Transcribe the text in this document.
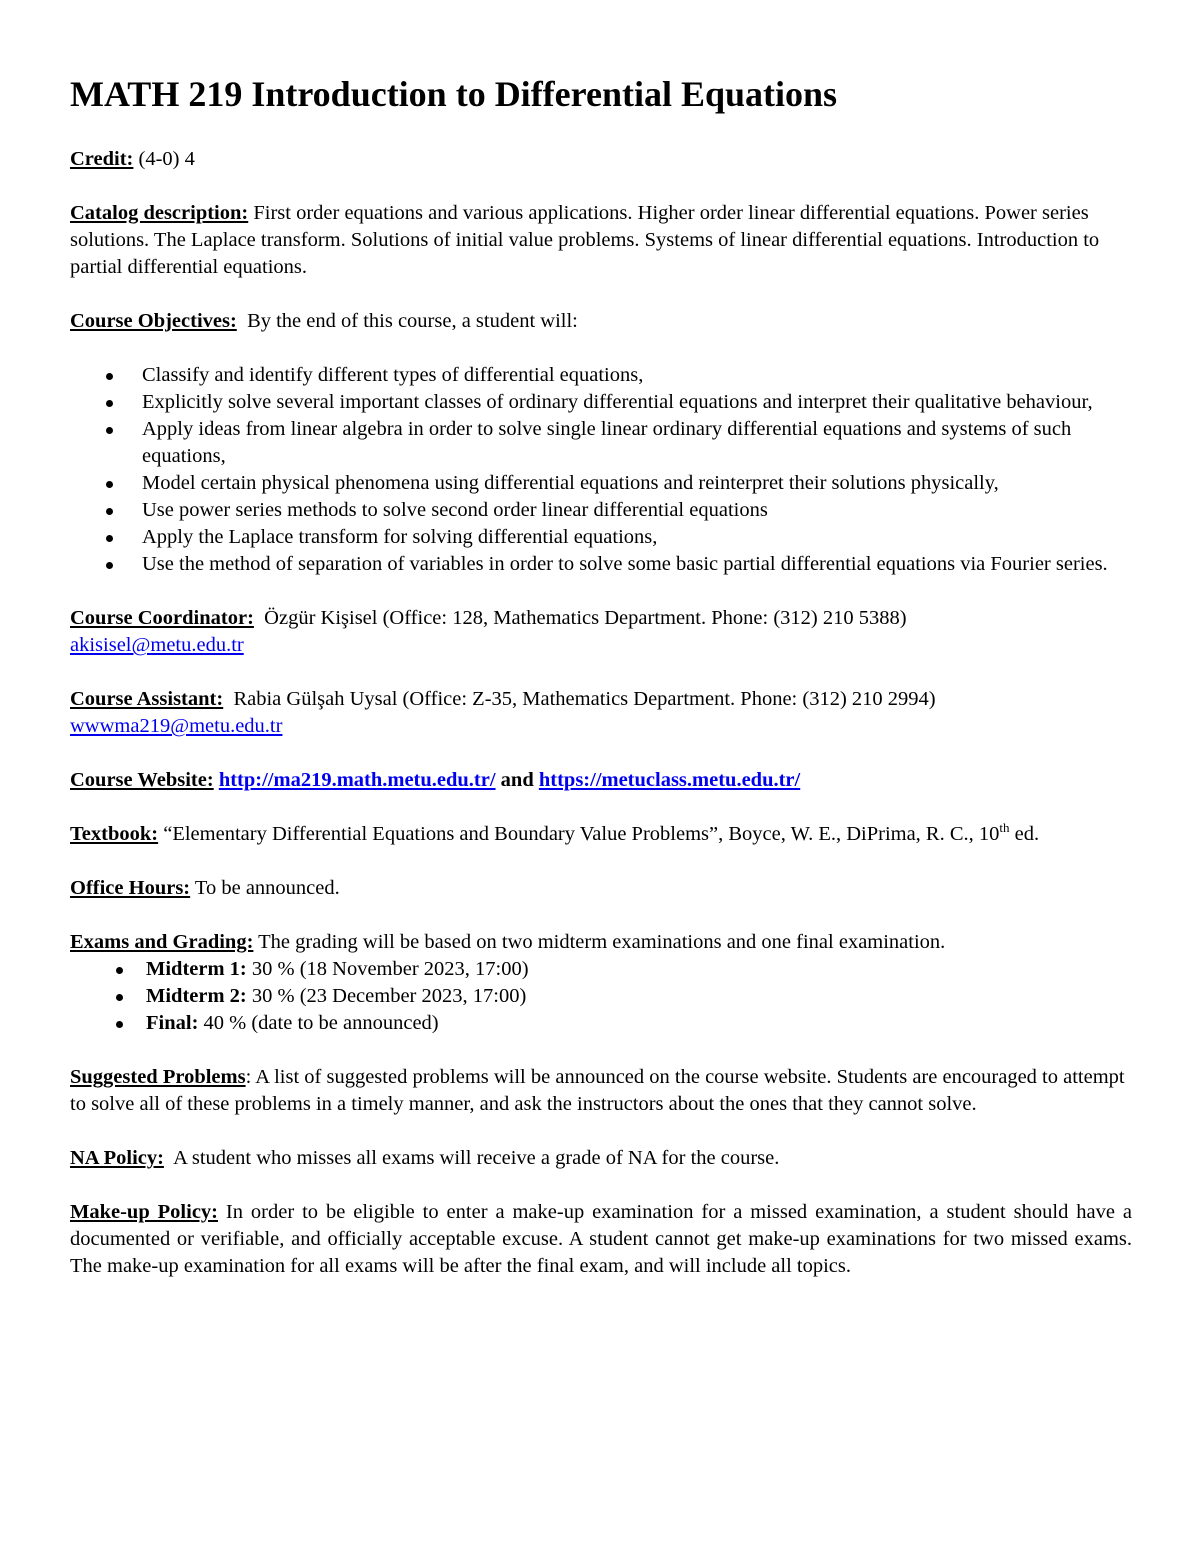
MATH 219 Introduction to Differential Equations

Credit: (4-0) 4

Catalog description: First order equations and various applications. Higher order linear differential equations. Power series solutions. The Laplace transform. Solutions of initial value problems. Systems of linear differential equations. Introduction to partial differential equations.

Course Objectives:  By the end of this course, a student will:

Classify and identify different types of differential equations,
Explicitly solve several important classes of ordinary differential equations and interpret their qualitative behaviour,
Apply ideas from linear algebra in order to solve single linear ordinary differential equations and systems of such equations,
Model certain physical phenomena using differential equations and reinterpret their solutions physically,
Use power series methods to solve second order linear differential equations
Apply the Laplace transform for solving differential equations,
Use the method of separation of variables in order to solve some basic partial differential equations via Fourier series.

Course Coordinator:  Özgür Kişisel (Office: 128, Mathematics Department. Phone: (312) 210 5388)
akisisel@metu.edu.tr

Course Assistant:  Rabia Gülşah Uysal (Office: Z-35, Mathematics Department. Phone: (312) 210 2994)
wwwma219@metu.edu.tr

Course Website: http://ma219.math.metu.edu.tr/ and https://metuclass.metu.edu.tr/

Textbook: “Elementary Differential Equations and Boundary Value Problems”, Boyce, W. E., DiPrima, R. C., 10th ed.

Office Hours: To be announced.

Exams and Grading: The grading will be based on two midterm examinations and one final examination.

Midterm 1: 30 % (18 November 2023, 17:00)
Midterm 2: 30 % (23 December 2023, 17:00)
Final: 40 % (date to be announced)

Suggested Problems: A list of suggested problems will be announced on the course website. Students are encouraged to attempt to solve all of these problems in a timely manner, and ask the instructors about the ones that they cannot solve.

NA Policy:  A student who misses all exams will receive a grade of NA for the course.

Make-up Policy: In order to be eligible to enter a make-up examination for a missed examination, a student should have a documented or verifiable, and officially acceptable excuse. A student cannot get make-up examinations for two missed exams. The make-up examination for all exams will be after the final exam, and will include all topics.
